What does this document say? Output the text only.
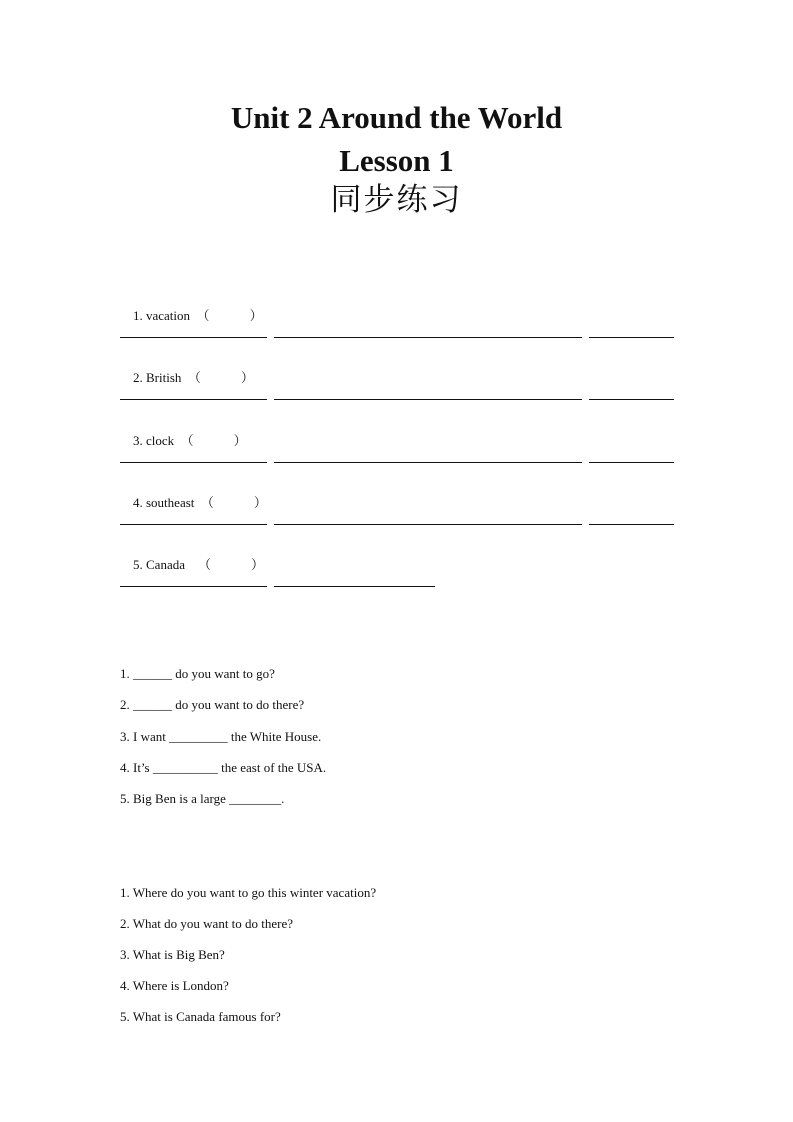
Unit 2 Around the World
Lesson 1
同步练习

1. vacation （	）

2. British （	）

3. clock （	）

4. southeast （	）

5. Canada （	）

1. ______ do you want to go?
2. ______ do you want to do there?
3. I want _________ the White House.
4. It’s __________ the east of the USA.
5. Big Ben is a large ________.
1. Where do you want to go this winter vacation?
2. What do you want to do there?
3. What is Big Ben?
4. Where is London?
5. What is Canada famous for?
